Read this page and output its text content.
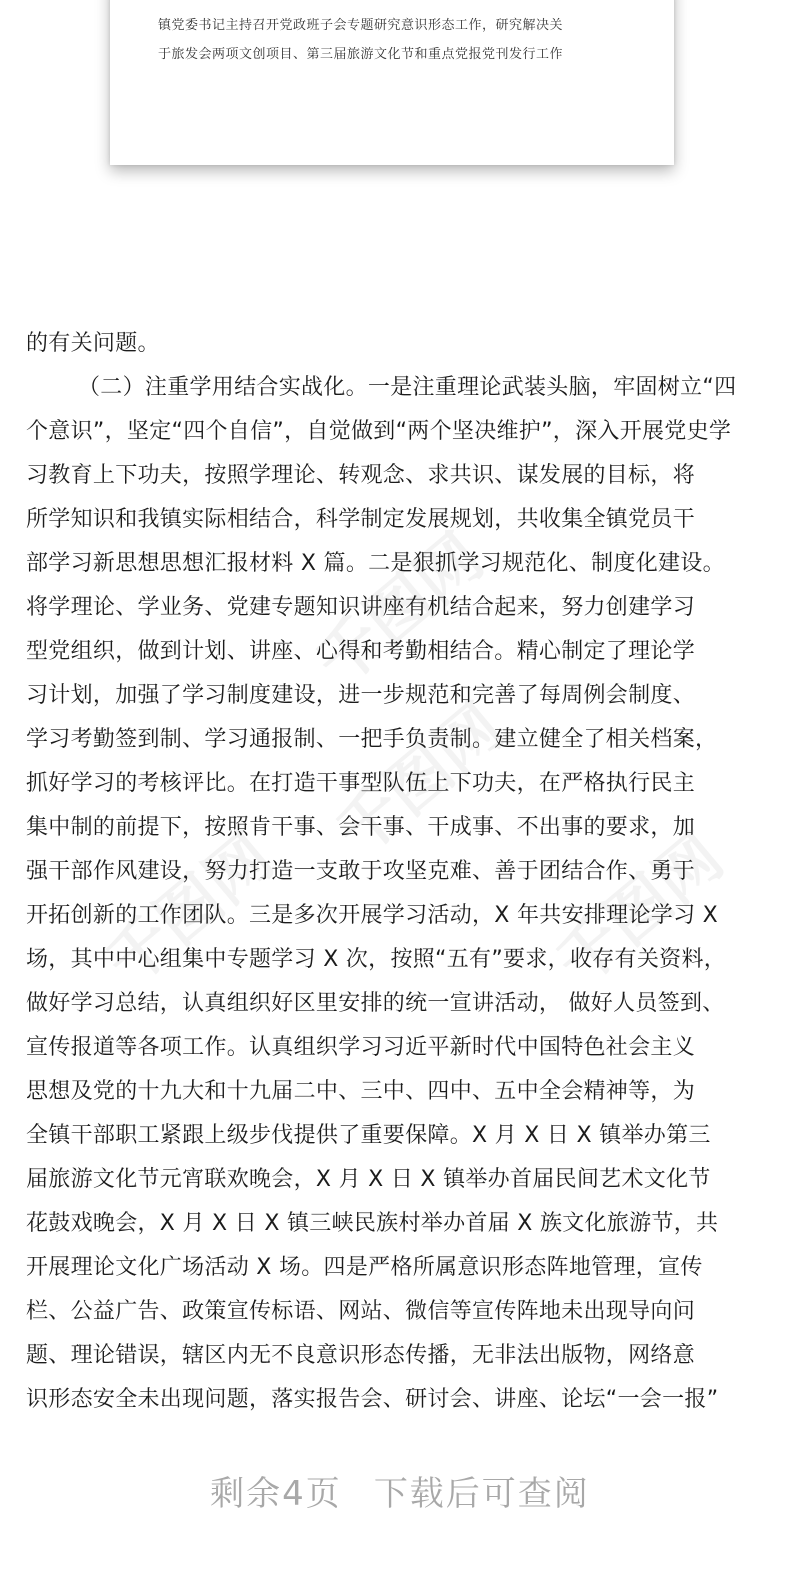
镇党委书记主持召开党政班子会专题研究意识形态工作，研究解决关
于旅发会两项文创项目、第三届旅游文化节和重点党报党刊发行工作
千图网
千图网
千图网	千图网
的有关问题。
（二）注重学用结合实战化。一是注重理论武装头脑，牢固树立“四
个意识”，坚定“四个自信”，自觉做到“两个坚决维护”，深入开展党史学
习教育上下功夫，按照学理论、转观念、求共识、谋发展的目标，将
所学知识和我镇实际相结合，科学制定发展规划，共收集全镇党员干
部学习新思想思想汇报材料 X 篇。二是狠抓学习规范化、制度化建设。
将学理论、学业务、党建专题知识讲座有机结合起来，努力创建学习
型党组织，做到计划、讲座、心得和考勤相结合。精心制定了理论学
习计划，加强了学习制度建设，进一步规范和完善了每周例会制度、
学习考勤签到制、学习通报制、一把手负责制。建立健全了相关档案，
抓好学习的考核评比。在打造干事型队伍上下功夫，在严格执行民主
集中制的前提下，按照肯干事、会干事、干成事、不出事的要求，加
强干部作风建设，努力打造一支敢于攻坚克难、善于团结合作、勇于
开拓创新的工作团队。三是多次开展学习活动，X 年共安排理论学习 X
场，其中中心组集中专题学习 X 次，按照“五有”要求，收存有关资料，
做好学习总结，认真组织好区里安排的统一宣讲活动， 做好人员签到、
宣传报道等各项工作。认真组织学习习近平新时代中国特色社会主义
思想及党的十九大和十九届二中、三中、四中、五中全会精神等，为
全镇干部职工紧跟上级步伐提供了重要保障。X 月 X 日 X 镇举办第三
届旅游文化节元宵联欢晚会，X 月 X 日 X 镇举办首届民间艺术文化节
花鼓戏晚会，X 月 X 日 X 镇三峡民族村举办首届 X 族文化旅游节，共
开展理论文化广场活动 X 场。四是严格所属意识形态阵地管理，宣传
栏、公益广告、政策宣传标语、网站、微信等宣传阵地未出现导向问
题、理论错误，辖区内无不良意识形态传播，无非法出版物，网络意
识形态安全未出现问题，落实报告会、研讨会、讲座、论坛“一会一报”
剩余4页 下载后可查阅
